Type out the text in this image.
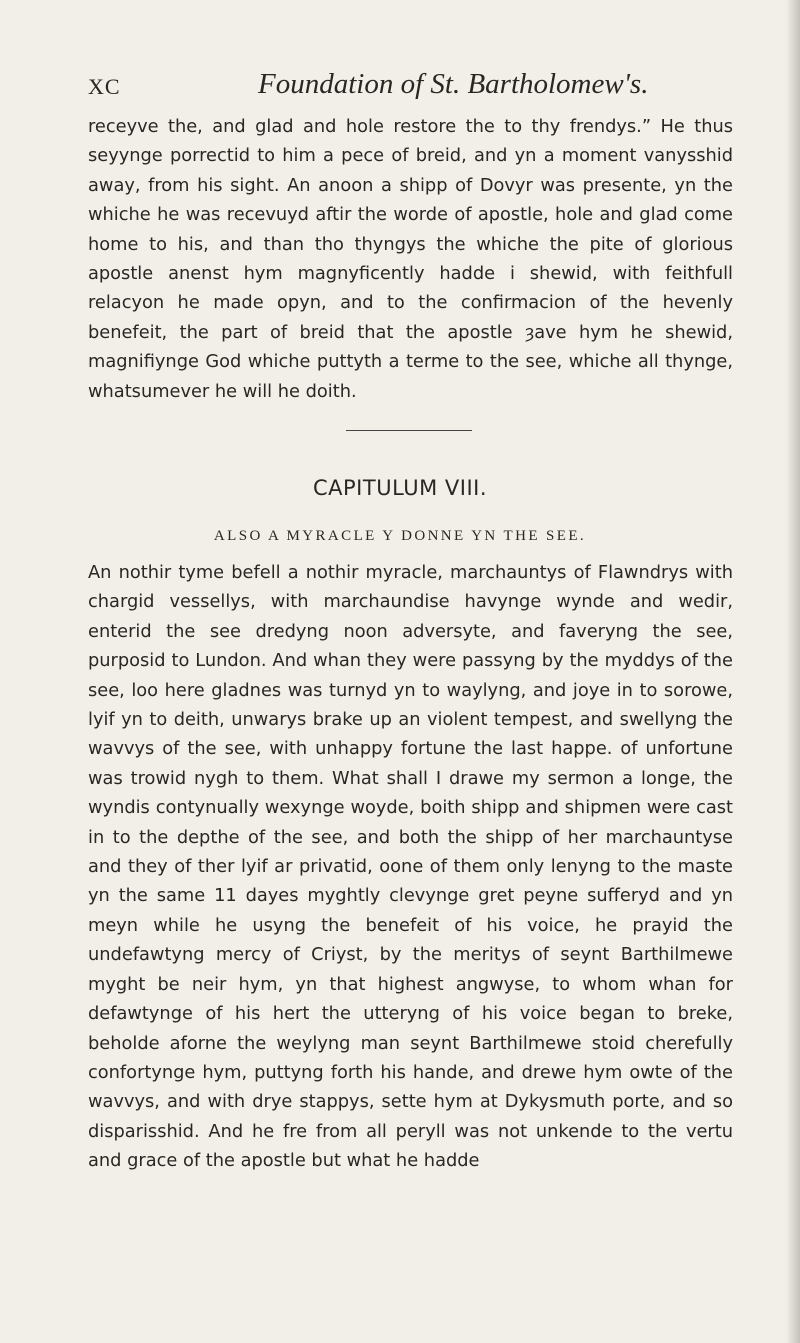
XC	Foundation of St. Bartholomew's.

receyve the, and glad and hole restore the to thy frendys.” He thus seyynge porrectid to him a pece of breid, and yn a moment vanysshid away, from his sight. An anoon a shipp of Dovyr was presente, yn the whiche he was recevuyd aftir the worde of apostle, hole and glad come home to his, and than tho thyngys the whiche the pite of glorious apostle anenst hym magnyficently hadde i shewid, with feithfull relacyon he made opyn, and to the confirmacion of the hevenly benefeit, the part of breid that the apostle ȝave hym he shewid, magnifiynge God whiche puttyth a terme to the see, whiche all thynge, whatsumever he will he doith.

CAPITULUM VIII.
ALSO A MYRACLE Y DONNE YN THE SEE.

An nothir tyme befell a nothir myracle, marchauntys of Flawndrys with chargid vessellys, with marchaundise havynge wynde and wedir, enterid the see dredyng noon adversyte, and faveryng the see, purposid to Lundon. And whan they were passyng by the myddys of the see, loo here gladnes was turnyd yn to waylyng, and joye in to sorowe, lyif yn to deith, unwarys brake up an violent tempest, and swellyng the wavvys of the see, with unhappy fortune the last happe. of unfortune was trowid nygh to them. What shall I drawe my sermon a longe, the wyndis contynually wexynge woyde, boith shipp and shipmen were cast in to the depthe of the see, and both the shipp of her marchauntyse and they of ther lyif ar privatid, oone of them only lenyng to the maste yn the same 11 dayes myghtly clevynge gret peyne sufferyd and yn meyn while he usyng the benefeit of his voice, he prayid the undefawtyng mercy of Criyst, by the meritys of seynt Barthilmewe myght be neir hym, yn that highest angwyse, to whom whan for defawtynge of his hert the utteryng of his voice began to breke, beholde aforne the weylyng man seynt Barthilmewe stoid cherefully confortynge hym, puttyng forth his hande, and drewe hym owte of the wavvys, and with drye stappys, sette hym at Dykysmuth porte, and so disparisshid. And he fre from all peryll was not unkende to the vertu and grace of the apostle but what he hadde
